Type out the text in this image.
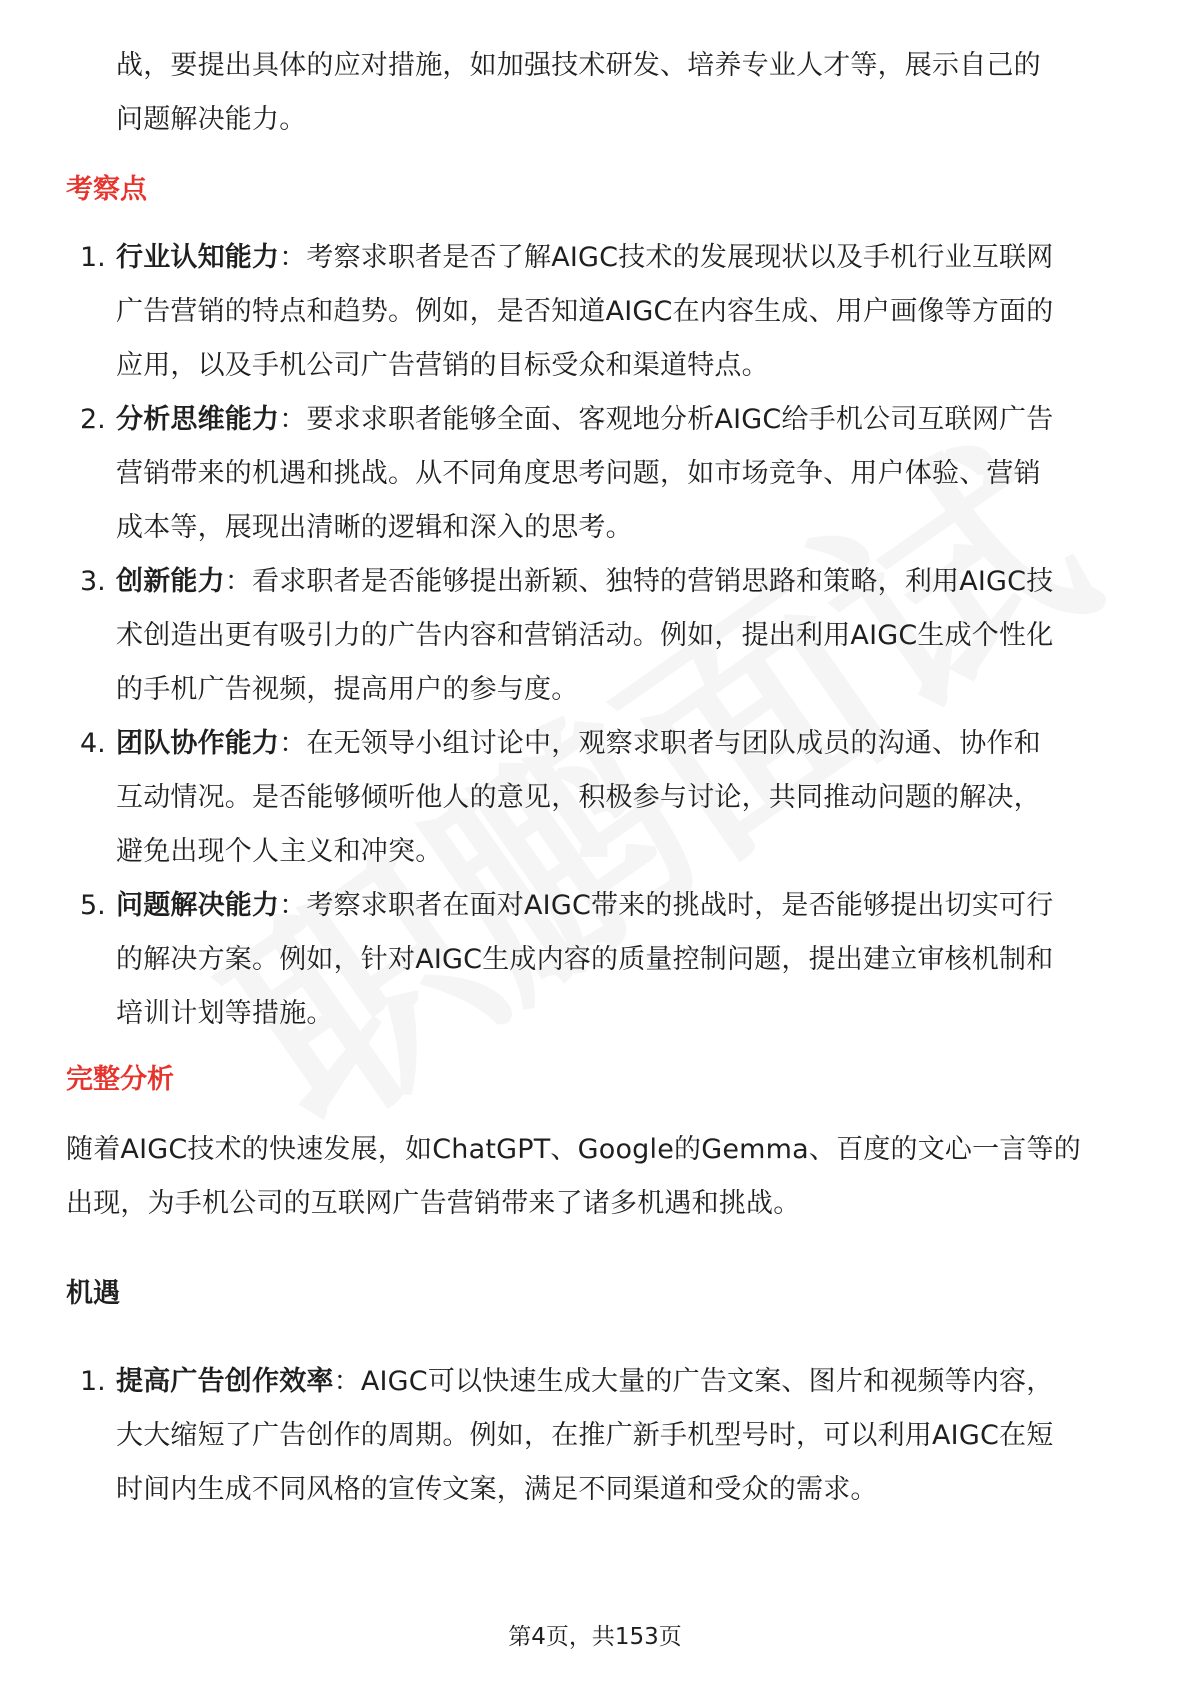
战，要提出具体的应对措施，如加强技术研发、培养专业人才等，展示自己的
问题解决能力。
考察点
1. 行业认知能力：考察求职者是否了解AIGC技术的发展现状以及手机行业互联网
广告营销的特点和趋势。例如，是否知道AIGC在内容生成、用户画像等方面的
应用，以及手机公司广告营销的目标受众和渠道特点。
2. 分析思维能力：要求求职者能够全面、客观地分析AIGC给手机公司互联网广告
营销带来的机遇和挑战。从不同角度思考问题，如市场竞争、用户体验、营销
成本等，展现出清晰的逻辑和深入的思考。
3. 创新能力：看求职者是否能够提出新颖、独特的营销思路和策略，利用AIGC技
术创造出更有吸引力的广告内容和营销活动。例如，提出利用AIGC生成个性化
的手机广告视频，提高用户的参与度。
4. 团队协作能力：在无领导小组讨论中，观察求职者与团队成员的沟通、协作和
互动情况。是否能够倾听他人的意见，积极参与讨论，共同推动问题的解决，
避免出现个人主义和冲突。
5. 问题解决能力：考察求职者在面对AIGC带来的挑战时，是否能够提出切实可行
的解决方案。例如，针对AIGC生成内容的质量控制问题，提出建立审核机制和
培训计划等措施。
完整分析
随着AIGC技术的快速发展，如ChatGPT、Google的Gemma、百度的文心一言等的
出现，为手机公司的互联网广告营销带来了诸多机遇和挑战。
机遇
1. 提高广告创作效率：AIGC可以快速生成大量的广告文案、图片和视频等内容，
大大缩短了广告创作的周期。例如，在推广新手机型号时，可以利用AIGC在短
时间内生成不同风格的宣传文案，满足不同渠道和受众的需求。
第4页，共153页
